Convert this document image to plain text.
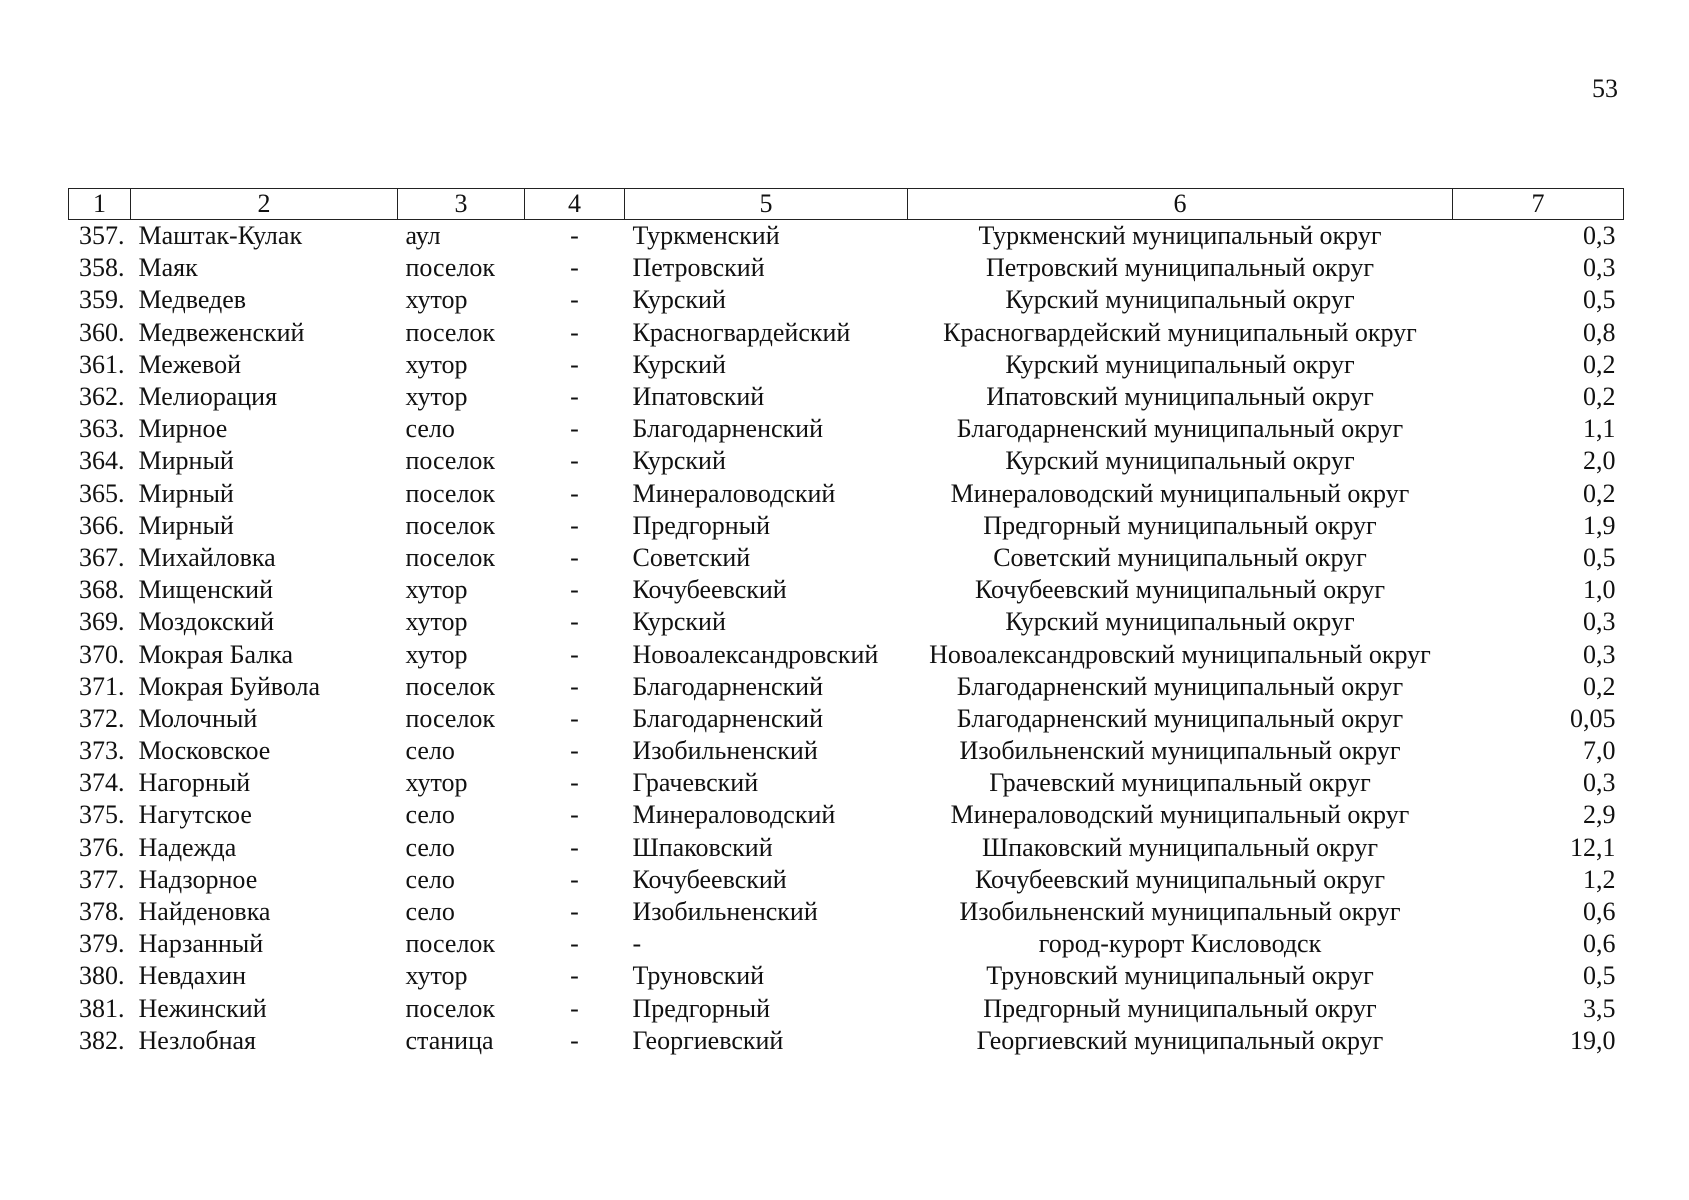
53
1	2	3	4	5	6	7
357.	Маштак-Кулак	аул	-	Туркменский	Туркменский муниципальный округ	0,3
358.	Маяк	поселок	-	Петровский	Петровский муниципальный округ	0,3
359.	Медведев	хутор	-	Курский	Курский муниципальный округ	0,5
360.	Медвеженский	поселок	-	Красногвардейский	Красногвардейский муниципальный округ	0,8
361.	Межевой	хутор	-	Курский	Курский муниципальный округ	0,2
362.	Мелиорация	хутор	-	Ипатовский	Ипатовский муниципальный округ	0,2
363.	Мирное	село	-	Благодарненский	Благодарненский муниципальный округ	1,1
364.	Мирный	поселок	-	Курский	Курский муниципальный округ	2,0
365.	Мирный	поселок	-	Минераловодский	Минераловодский муниципальный округ	0,2
366.	Мирный	поселок	-	Предгорный	Предгорный муниципальный округ	1,9
367.	Михайловка	поселок	-	Советский	Советский муниципальный округ	0,5
368.	Мищенский	хутор	-	Кочубеевский	Кочубеевский муниципальный округ	1,0
369.	Моздокский	хутор	-	Курский	Курский муниципальный округ	0,3
370.	Мокрая Балка	хутор	-	Новоалександровский	Новоалександровский муниципальный округ	0,3
371.	Мокрая Буйвола	поселок	-	Благодарненский	Благодарненский муниципальный округ	0,2
372.	Молочный	поселок	-	Благодарненский	Благодарненский муниципальный округ	0,05
373.	Московское	село	-	Изобильненский	Изобильненский муниципальный округ	7,0
374.	Нагорный	хутор	-	Грачевский	Грачевский муниципальный округ	0,3
375.	Нагутское	село	-	Минераловодский	Минераловодский муниципальный округ	2,9
376.	Надежда	село	-	Шпаковский	Шпаковский муниципальный округ	12,1
377.	Надзорное	село	-	Кочубеевский	Кочубеевский муниципальный округ	1,2
378.	Найденовка	село	-	Изобильненский	Изобильненский муниципальный округ	0,6
379.	Нарзанный	поселок	-	-	город-курорт Кисловодск	0,6
380.	Невдахин	хутор	-	Труновский	Труновский муниципальный округ	0,5
381.	Нежинский	поселок	-	Предгорный	Предгорный муниципальный округ	3,5
382.	Незлобная	станица	-	Георгиевский	Георгиевский муниципальный округ	19,0
